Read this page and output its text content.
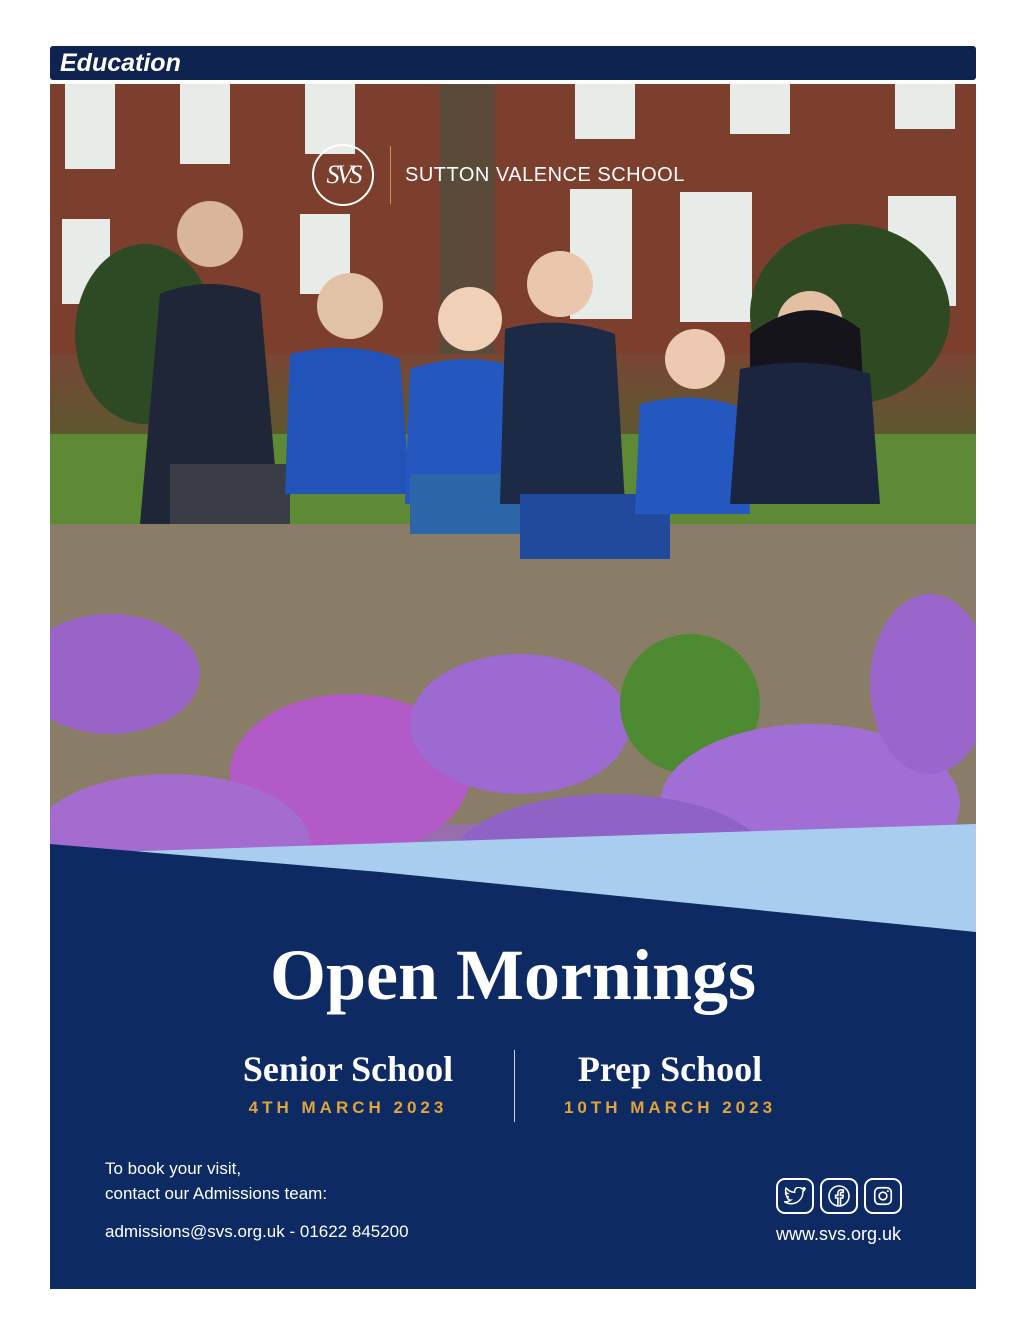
Education
SVS	SUTTON VALENCE SCHOOL
Open Mornings
Senior School
4TH MARCH 2023
Prep School
10TH MARCH 2023
To book your visit,
contact our Admissions team:
admissions@svs.org.uk - 01622 845200	www.svs.org.uk
